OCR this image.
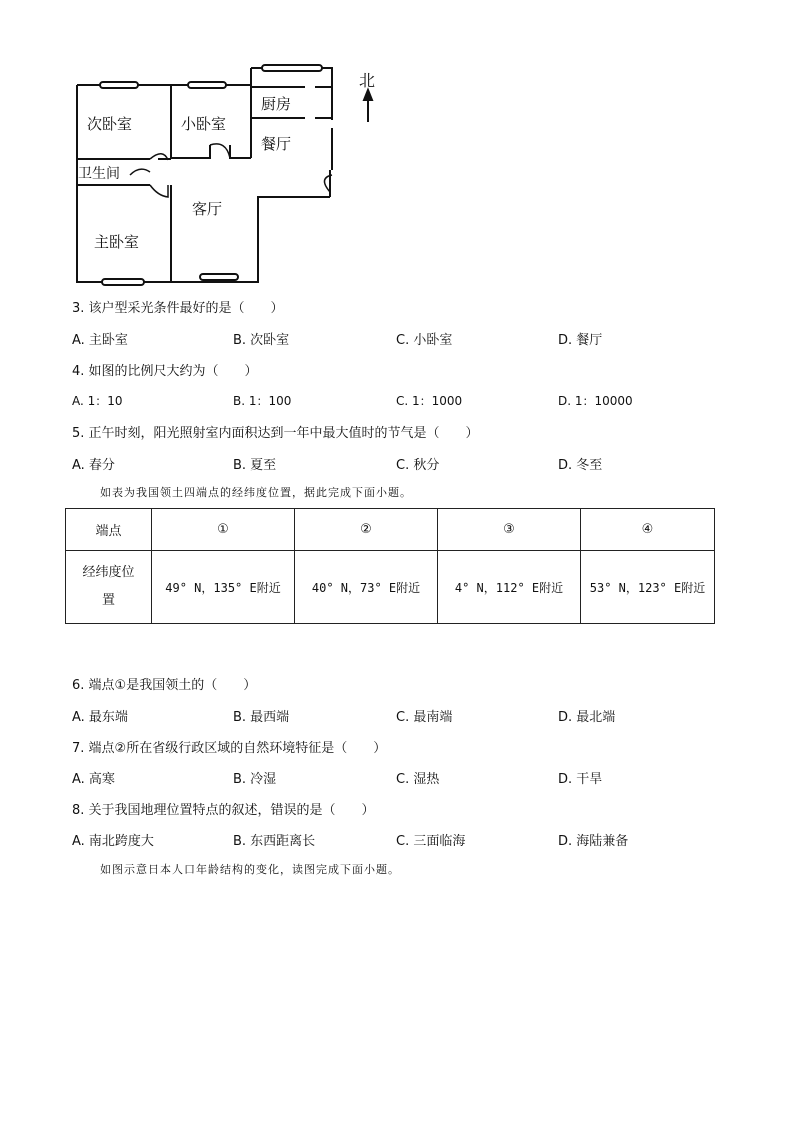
次卧室	小卧室
厨房
餐厅
卫生间
客厅
主卧室
北
3. 该户型采光条件最好的是（　　）
A. 主卧室	B. 次卧室	C. 小卧室	D. 餐厅
4. 如图的比例尺大约为（　　）
A. 1：10	B. 1：100	C. 1：1000	D. 1：10000
5. 正午时刻，阳光照射室内面积达到一年中最大值时的节气是（　　）
A. 春分	B. 夏至	C. 秋分	D. 冬至
如表为我国领土四端点的经纬度位置，据此完成下面小题。
端点	①	②	③	④
经纬度位置	49° N，135° E附近	40° N，73° E附近	4° N，112° E附近	53° N，123° E附近
6. 端点①是我国领土的（　　）
A. 最东端	B. 最西端	C. 最南端	D. 最北端
7. 端点②所在省级行政区域的自然环境特征是（　　）
A. 高寒	B. 冷湿	C. 湿热	D. 干旱
8. 关于我国地理位置特点的叙述，错误的是（　　）
A. 南北跨度大	B. 东西距离长	C. 三面临海	D. 海陆兼备
如图示意日本人口年龄结构的变化，读图完成下面小题。
